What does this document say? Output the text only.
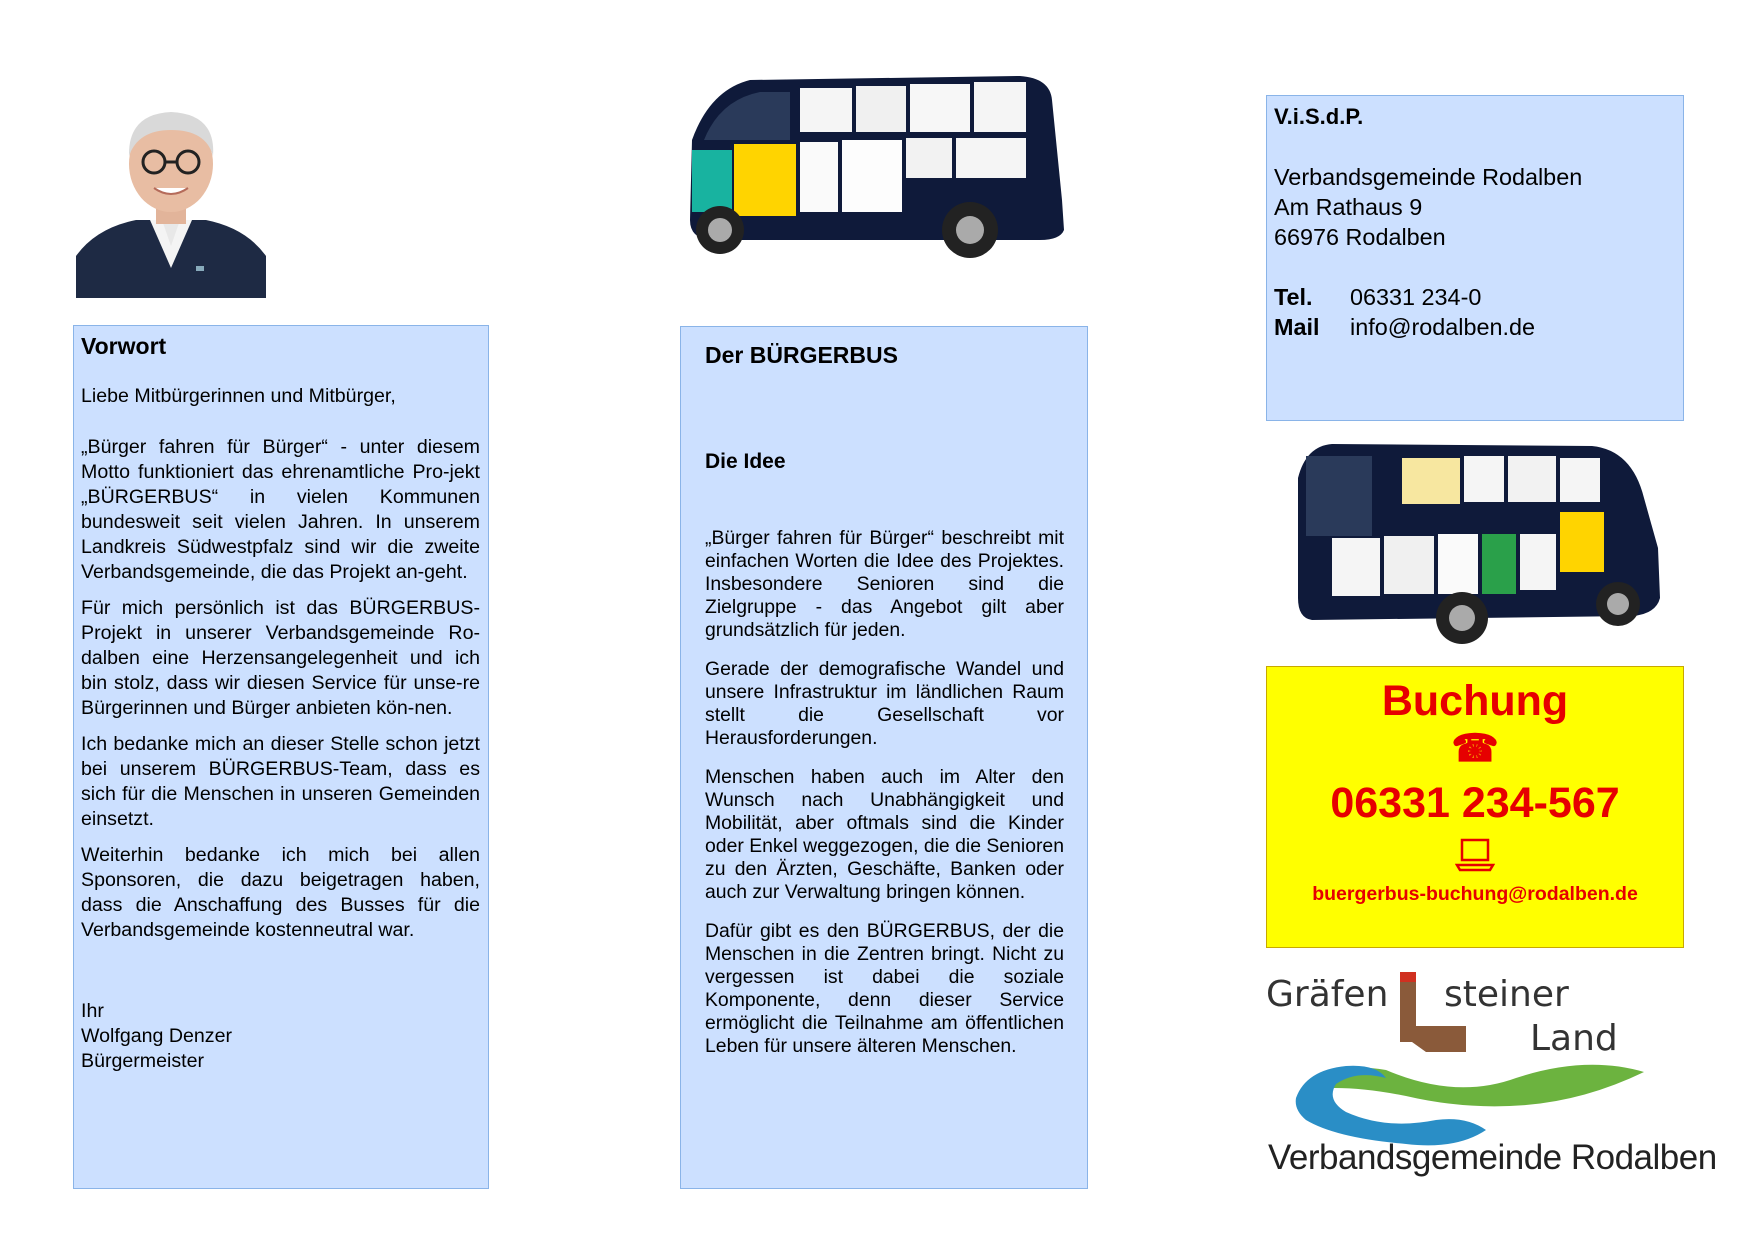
Vorwort

Liebe Mitbürgerinnen und Mitbürger,

„Bürger fahren für Bürger“ - unter diesem Motto funktioniert das ehrenamtliche Pro-jekt „BÜRGERBUS“ in vielen Kommunen bundesweit seit vielen Jahren. In unserem Landkreis Südwestpfalz sind wir die zweite Verbandsgemeinde, die das Projekt an-geht.

Für mich persönlich ist das BÜRGERBUS-Projekt in unserer Verbandsgemeinde Ro-dalben eine Herzensangelegenheit und ich bin stolz, dass wir diesen Service für unse-re Bürgerinnen und Bürger anbieten kön-nen.

Ich bedanke mich an dieser Stelle schon jetzt bei unserem BÜRGERBUS-Team, dass es sich für die Menschen in unseren Gemeinden einsetzt.

Weiterhin bedanke ich mich bei allen Sponsoren, die dazu beigetragen haben, dass die Anschaffung des Busses für die Verbandsgemeinde kostenneutral war.

Ihr
Wolfgang Denzer
Bürgermeister
Der BÜRGERBUS
Die Idee

„Bürger fahren für Bürger“ beschreibt mit einfachen Worten die Idee des Projektes. Insbesondere Senioren sind die Zielgruppe - das Angebot gilt aber grundsätzlich für jeden.

Gerade der demografische Wandel und unsere Infrastruktur im ländlichen Raum stellt die Gesellschaft vor Herausforderungen.

Menschen haben auch im Alter den Wunsch nach Unabhängigkeit und Mobilität, aber oftmals sind die Kinder oder Enkel weggezogen, die die Senioren zu den Ärzten, Geschäfte, Banken oder auch zur Verwaltung bringen können.

Dafür gibt es den BÜRGERBUS, der die Menschen in die Zentren bringt. Nicht zu vergessen ist dabei die soziale Komponente, denn dieser Service ermöglicht die Teilnahme am öffentlichen Leben für unsere älteren Menschen.

V.i.S.d.P.
Verbandsgemeinde Rodalben
Am Rathaus 9
66976 Rodalben
Tel.	06331 234-0
Mail	info@rodalben.de
Buchung
☎
06331 234-567
buergerbus-buchung@rodalben.de
Gräfen steiner
Land
Verbandsgemeinde Rodalben
